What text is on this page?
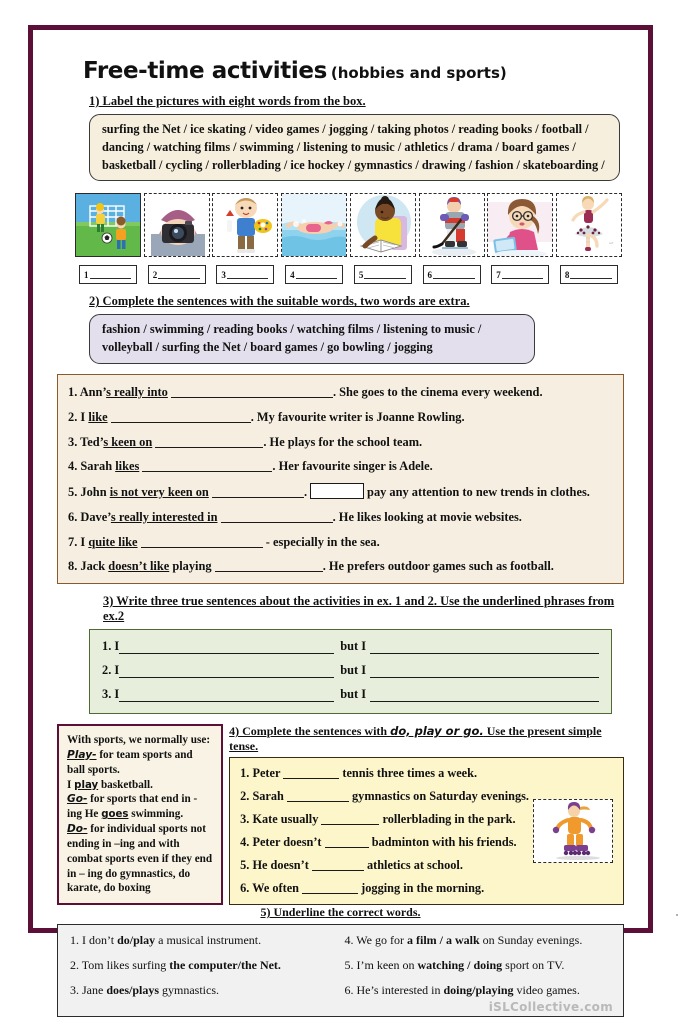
Free-time activities (hobbies and sports)
1) Label the pictures with eight words from the box.
surfing the Net / ice skating / video games / jogging / taking photos / reading books / football /
dancing / watching films / swimming / listening to music / athletics / drama / board games /
basketball / cycling / rollerblading / ice hockey / gymnastics / drawing / fashion / skateboarding /
1	2	3	4	5	6	7
art
8
2) Complete the sentences with the suitable words, two words are extra.
fashion / swimming / reading books / watching films / listening to music /
volleyball / surfing the Net / board games / go bowling / jogging
1. Ann’s really into	. She goes to the cinema every weekend.
2. I like	. My favourite writer is Joanne Rowling.
3. Ted’s keen on	. He plays for the school team.
4. Sarah likes	. Her favourite singer is Adele.
5. John is not very keen on	.	pay any attention to new trends in clothes.
6. Dave’s really interested in	. He likes looking at movie websites.
7. I quite like	- especially in the sea.
8. Jack doesn’t like playing	. He prefers outdoor games such as football.
3) Write three true sentences about the activities in ex. 1 and 2. Use the underlined phrases from ex.2
1. I	but I
2. I	but I
3. I	but I
With sports, we normally use:
Play- for team sports and ball sports.
I play basketball.
Go- for sports that end in - ing He goes swimming.
Do- for individual sports not ending in –ing and with combat sports even if they end in – ing do gymnastics, do karate, do boxing
4) Complete the sentences with do, play or go. Use the present simple tense.
1. Peter	tennis three times a week.
2. Sarah	gymnastics on Saturday evenings.
3. Kate usually	rollerblading in the park.
4. Peter doesn’t	badminton with his friends.
5. He doesn’t	athletics at school.
6. We often	jogging in the morning.
5) Underline the correct words.
1. I don’t do/play a musical instrument.
2. Tom likes surfing the computer/the Net.
3. Jane does/plays gymnastics.
4. We go for a film / a walk on Sunday evenings.
5. I’m keen on watching / doing sport on TV.
6. He’s interested in doing/playing video games.
iSLCollective.com
